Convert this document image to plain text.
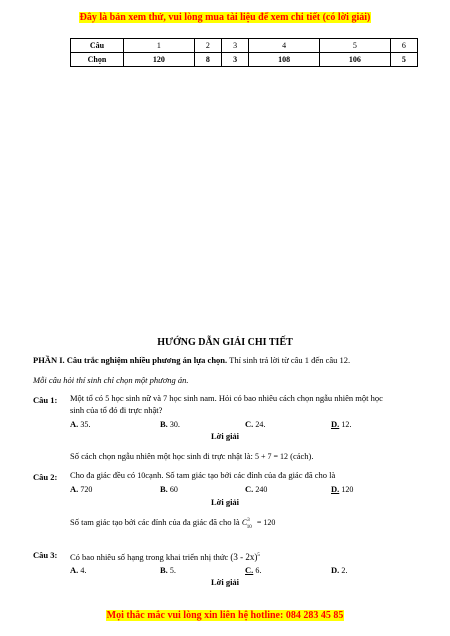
Đây là bản xem thử, vui lòng mua tài liệu để xem chi tiết (có lời giải)
Câu	1	2	3	4	5	6
Chọn	120	8	3	108	106	5
HƯỚNG DẪN GIẢI CHI TIẾT
PHẦN I. Câu trắc nghiệm nhiều phương án lựa chọn. Thí sinh trả lời từ câu 1 đến câu 12.
Mỗi câu hỏi thí sinh chỉ chọn một phương án.
Câu 1: Một tổ có 5 học sinh nữ và 7 học sinh nam. Hỏi có bao nhiêu cách chọn ngẫu nhiên một học
sinh của tổ đó đi trực nhật?
A. 35.	B. 30.	C. 24.	D. 12.
Lời giải
Số cách chọn ngẫu nhiên một học sinh đi trực nhật là: 5 + 7 = 12 (cách).
Câu 2: Cho đa giác đều có 10cạnh. Số tam giác tạo bởi các đỉnh của đa giác đã cho là
A. 720	B. 60	C. 240	D. 120
Lời giải
Số tam giác tạo bởi các đỉnh của đa giác đã cho là $C^3_{10} = 120$
Câu 3: Có bao nhiêu số hạng trong khai triển nhị thức (3 - 2x)$^5$
A. 4.	B. 5.	C. 6.	D. 2.
Lời giải
Mọi thắc mắc vui lòng xin liên hệ hotline: 084 283 45 85
